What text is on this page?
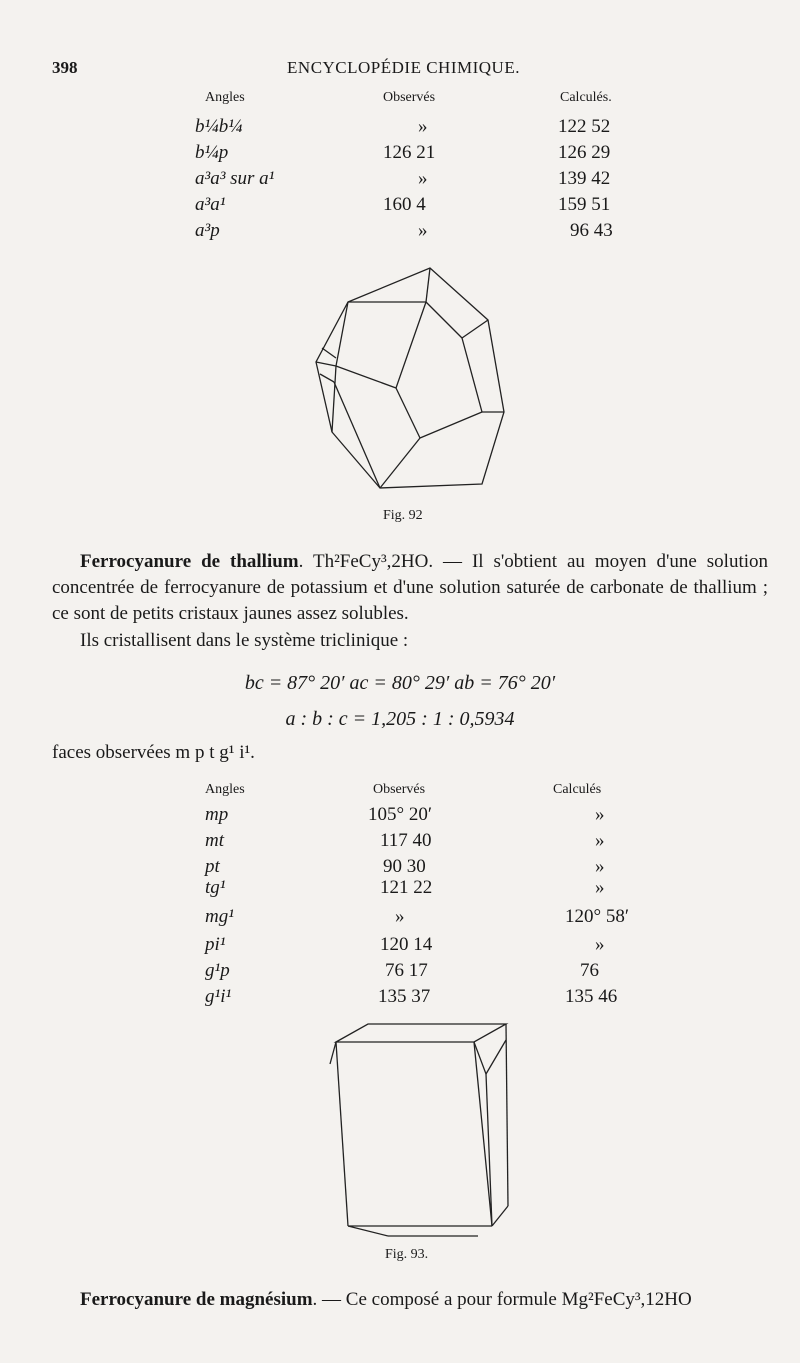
398	ENCYCLOPÉDIE CHIMIQUE.
Angles	Observés	Calculés.
b¼b¼	»	122 52
b¼p	126 21	126 29
a³a³ sur a¹	»	139 42
a³a¹	160 4	159 51
a³p	»	96 43
Fig. 92
Ferrocyanure de thallium. Th²FeCy³,2HO. — Il s'obtient au moyen d'une solution concentrée de ferrocyanure de potassium et d'une solution saturée de carbonate de thallium ; ce sont de petits cristaux jaunes assez solubles.
Ils cristallisent dans le système triclinique :
bc = 87° 20′ ac = 80° 29′ ab = 76° 20′
a : b : c = 1,205 : 1 : 0,5934
faces observées m p t g¹ i¹.
Angles	Observés	Calculés
mp	105° 20′	»
mt	117 40	»
pt	90 30	»
tg¹	121 22	»
mg¹	»	120° 58′
pi¹	120 14	»
g¹p	76 17	76
g¹i¹	135 37	135 46
Fig. 93.
Ferrocyanure de magnésium. — Ce composé a pour formule Mg²FeCy³,12HO
